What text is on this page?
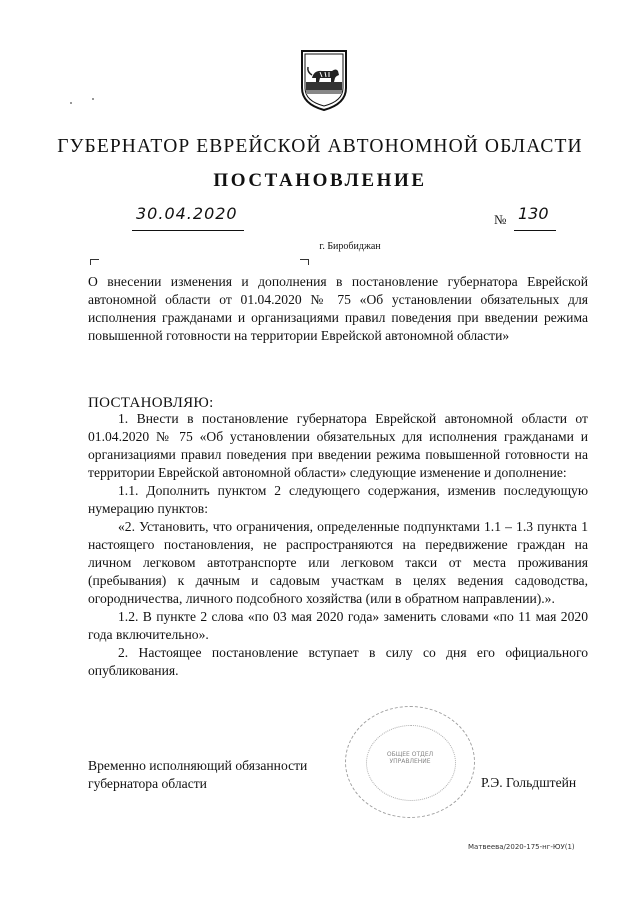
ГУБЕРНАТОР ЕВРЕЙСКОЙ АВТОНОМНОЙ ОБЛАСТИ
ПОСТАНОВЛЕНИЕ
30.04.2020	№ 130
г. Биробиджан

О внесении изменения и дополнения в постановление губернатора Еврейской автономной области от 01.04.2020 № 75 «Об установлении обязательных для исполнения гражданами и организациями правил поведения при введении режима повышенной готовности на территории Еврейской автономной области»

ПОСТАНОВЛЯЮ:

1. Внести в постановление губернатора Еврейской автономной области от 01.04.2020 № 75 «Об установлении обязательных для исполнения гражданами и организациями правил поведения при введении режима повышенной готовности на территории Еврейской автономной области» следующие изменение и дополнение:

1.1. Дополнить пунктом 2 следующего содержания, изменив последующую нумерацию пунктов:

«2. Установить, что ограничения, определенные подпунктами 1.1 – 1.3 пункта 1 настоящего постановления, не распространяются на передвижение граждан на личном легковом автотранспорте или легковом такси от места проживания (пребывания) к дачным и садовым участкам в целях ведения садоводства, огородничества, личного подсобного хозяйства (или в обратном направлении).».

1.2. В пункте 2 слова «по 03 мая 2020 года» заменить словами «по 11 мая 2020 года включительно».

2. Настоящее постановление вступает в силу со дня его официального опубликования.

ОБЩЕЕ ОТДЕЛ УПРАВЛЕНИЕ
Временно исполняющий обязанности губернатора области	Р.Э. Гольдштейн
Матвеева/2020-175-нг-ЮУ(1)
